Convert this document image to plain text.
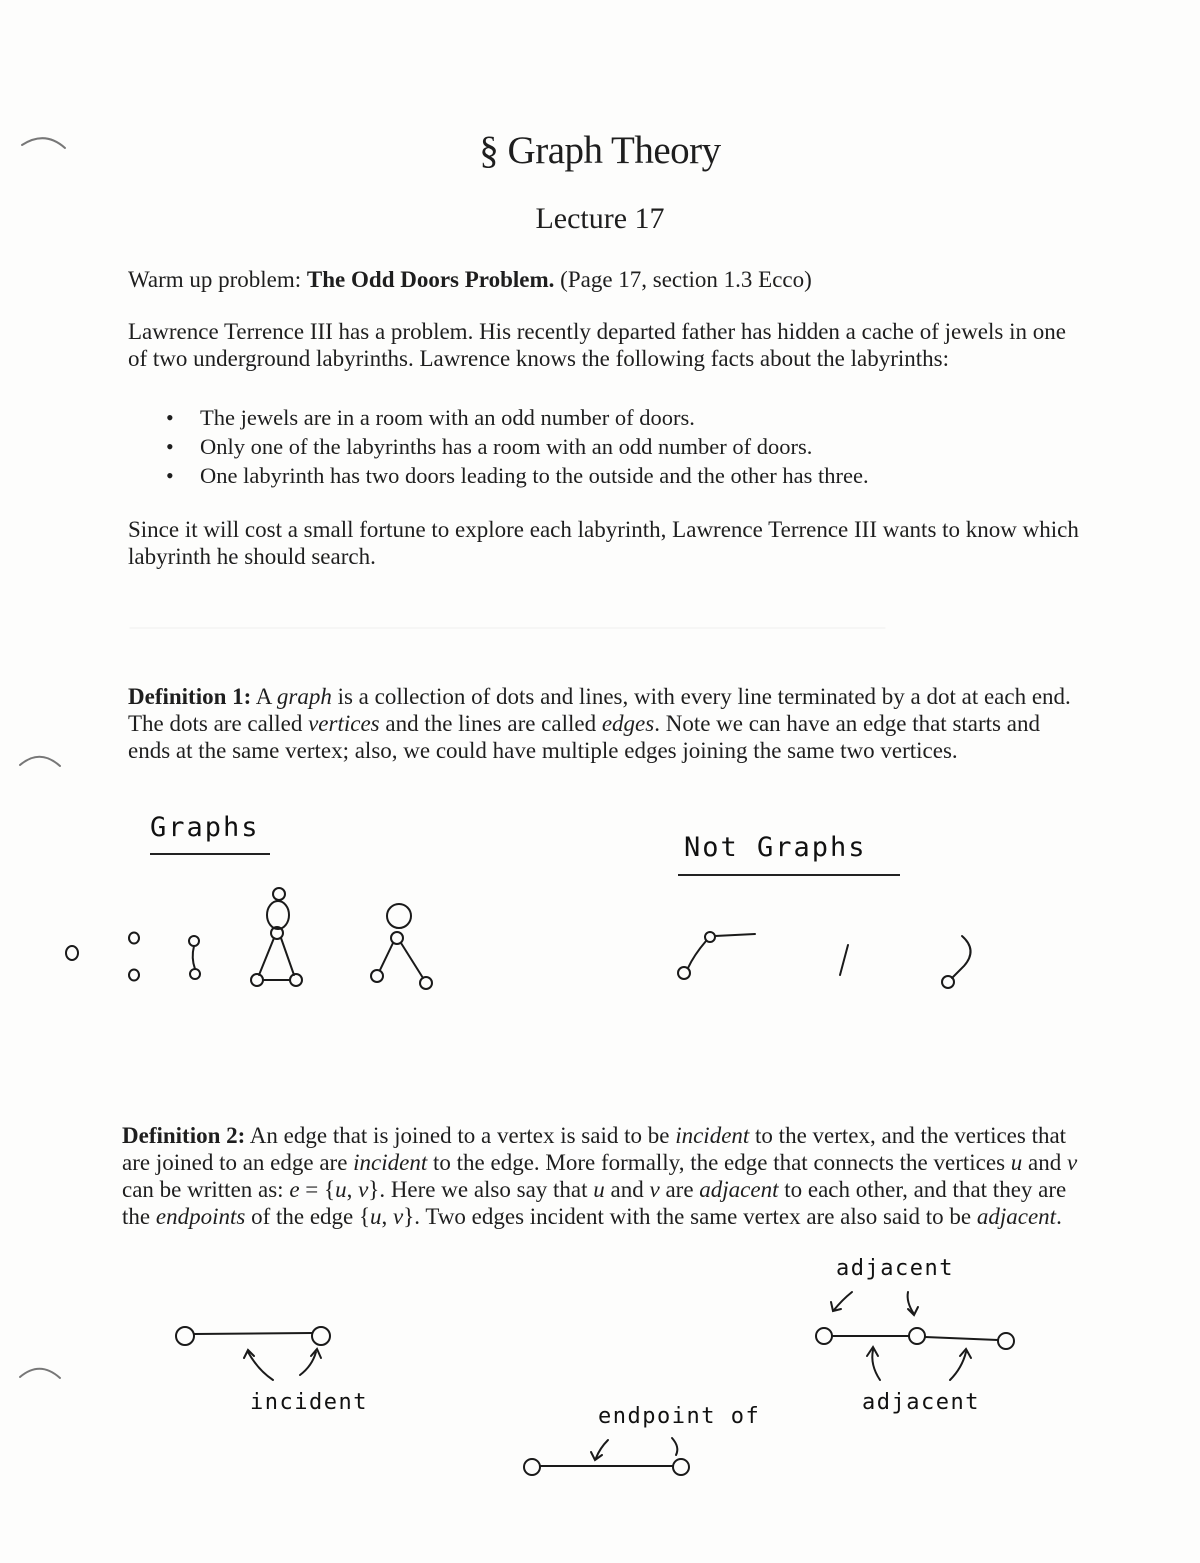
§ Graph Theory
Lecture 17
Warm up problem: The Odd Doors Problem. (Page 17, section 1.3 Ecco)
Lawrence Terrence III has a problem. His recently departed father has hidden a cache of jewels in one of two underground labyrinths. Lawrence knows the following facts about the labyrinths:
• The jewels are in a room with an odd number of doors.
• Only one of the labyrinths has a room with an odd number of doors.
• One labyrinth has two doors leading to the outside and the other has three.
Since it will cost a small fortune to explore each labyrinth, Lawrence Terrence III wants to know which labyrinth he should search.
Definition 1: A graph is a collection of dots and lines, with every line terminated by a dot at each end. The dots are called vertices and the lines are called edges. Note we can have an edge that starts and ends at the same vertex; also, we could have multiple edges joining the same two vertices.
Graphs
Not Graphs
Definition 2: An edge that is joined to a vertex is said to be incident to the vertex, and the vertices that are joined to an edge are incident to the edge. More formally, the edge that connects the vertices u and v can be written as: e = {u, v}. Here we also say that u and v are adjacent to each other, and that they are the endpoints of the edge {u, v}. Two edges incident with the same vertex are also said to be adjacent.
incident
endpoint of
adjacent
adjacent
